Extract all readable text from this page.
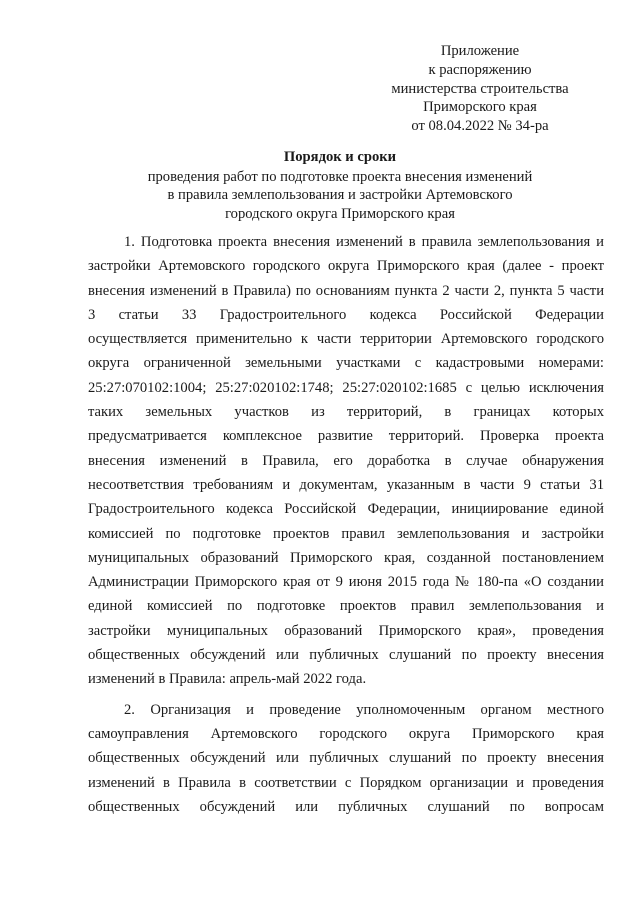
Приложение
к распоряжению
министерства строительства
Приморского края
от 08.04.2022 № 34-ра
Порядок и сроки
проведения работ по подготовке проекта внесения изменений
в правила землепользования и застройки Артемовского
городского округа Приморского края
1. Подготовка проекта внесения изменений в правила землепользования и
застройки Артемовского городского округа Приморского края (далее - проект
внесения изменений в Правила) по основаниям пункта 2 части 2, пункта 5 части
3 статьи 33 Градостроительного кодекса Российской Федерации
осуществляется применительно к части территории Артемовского городского
округа ограниченной земельными участками с кадастровыми номерами:
25:27:070102:1004; 25:27:020102:1748; 25:27:020102:1685 с целью исключения
таких земельных участков из территорий, в границах которых
предусматривается комплексное развитие территорий. Проверка проекта
внесения изменений в Правила, его доработка в случае обнаружения
несоответствия требованиям и документам, указанным в части 9 статьи 31
Градостроительного кодекса Российской Федерации, инициирование единой
комиссией по подготовке проектов правил землепользования и застройки
муниципальных образований Приморского края, созданной постановлением
Администрации Приморского края от 9 июня 2015 года № 180-па «О создании
единой комиссией по подготовке проектов правил землепользования и
застройки муниципальных образований Приморского края», проведения
общественных обсуждений или публичных слушаний по проекту внесения
изменений в Правила: апрель-май 2022 года.
2. Организация и проведение уполномоченным органом местного
самоуправления Артемовского городского округа Приморского края
общественных обсуждений или публичных слушаний по проекту внесения
изменений в Правила в соответствии с Порядком организации и проведения
общественных обсуждений или публичных слушаний по вопросам
